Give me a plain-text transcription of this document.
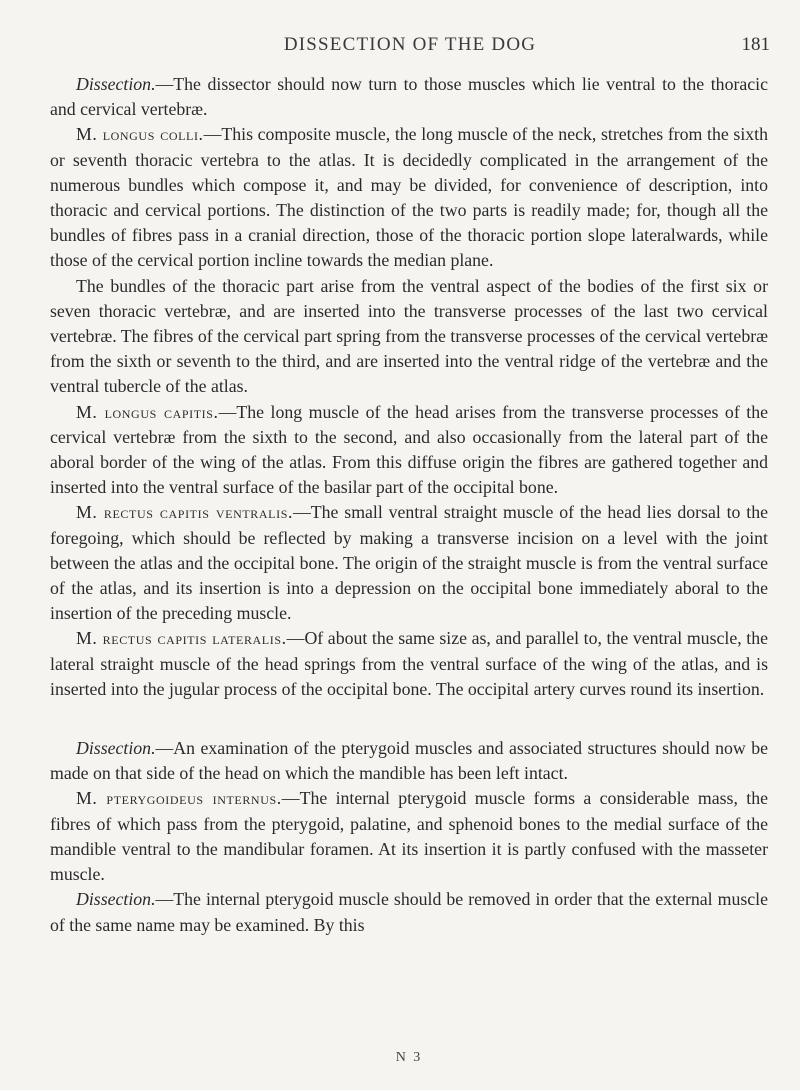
DISSECTION OF THE DOG	181

Dissection.—The dissector should now turn to those muscles which lie ventral to the thoracic and cervical vertebræ.

M. longus colli.—This composite muscle, the long muscle of the neck, stretches from the sixth or seventh thoracic vertebra to the atlas. It is decidedly complicated in the arrangement of the numerous bundles which compose it, and may be divided, for convenience of description, into thoracic and cervical portions. The distinction of the two parts is readily made; for, though all the bundles of fibres pass in a cranial direction, those of the thoracic portion slope lateralwards, while those of the cervical portion incline towards the median plane.

The bundles of the thoracic part arise from the ventral aspect of the bodies of the first six or seven thoracic vertebræ, and are inserted into the transverse processes of the last two cervical vertebræ. The fibres of the cervical part spring from the transverse processes of the cervical vertebræ from the sixth or seventh to the third, and are inserted into the ventral ridge of the vertebræ and the ventral tubercle of the atlas.

M. longus capitis.—The long muscle of the head arises from the transverse processes of the cervical vertebræ from the sixth to the second, and also occasionally from the lateral part of the aboral border of the wing of the atlas. From this diffuse origin the fibres are gathered together and inserted into the ventral surface of the basilar part of the occipital bone.

M. rectus capitis ventralis.—The small ventral straight muscle of the head lies dorsal to the foregoing, which should be reflected by making a transverse incision on a level with the joint between the atlas and the occipital bone. The origin of the straight muscle is from the ventral surface of the atlas, and its insertion is into a depression on the occipital bone immediately aboral to the insertion of the preceding muscle.

M. rectus capitis lateralis.—Of about the same size as, and parallel to, the ventral muscle, the lateral straight muscle of the head springs from the ventral surface of the wing of the atlas, and is inserted into the jugular process of the occipital bone. The occipital artery curves round its insertion.

Dissection.—An examination of the pterygoid muscles and associated structures should now be made on that side of the head on which the mandible has been left intact.

M. pterygoideus internus.—The internal pterygoid muscle forms a considerable mass, the fibres of which pass from the pterygoid, palatine, and sphenoid bones to the medial surface of the mandible ventral to the mandibular foramen. At its insertion it is partly confused with the masseter muscle.

Dissection.—The internal pterygoid muscle should be removed in order that the external muscle of the same name may be examined. By this

N 3
